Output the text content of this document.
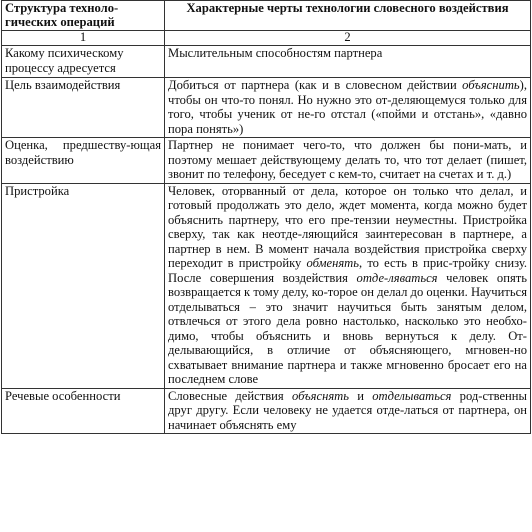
Структура техноло-гических операций	Характерные черты технологии словесного воздействия
1	2
Какому психическому процессу адресуется	Мыслительным способностям партнера
Цель взаимодействия	Добиться от партнера (как и в словесном действии объяснить), чтобы он что-то понял. Но нужно это от-деляющемуся только для того, чтобы ученик от не-го отстал («пойми и отстань», «давно пора понять»)
Оценка, предшеству-ющая воздействию	Партнер не понимает чего-то, что должен бы пони-мать, и поэтому мешает действующему делать то, что тот делает (пишет, звонит по телефону, беседует с кем-то, считает на счетах и т. д.)
Пристройка	Человек, оторванный от дела, которое он только что делал, и готовый продолжать это дело, ждет момента, когда можно будет объяснить партнеру, что его пре-тензии неуместны. Пристройка сверху, так как неотде-ляющийся заинтересован в партнере, а партнер в нем. В момент начала воздействия пристройка сверху переходит в пристройку обменять, то есть в прис-тройку снизу. После совершения воздействия отде-ляваться человек опять возвращается к тому делу, ко-торое он делал до оценки. Научиться отделываться – это значит научиться быть занятым делом, отвлечься от этого дела ровно настолько, насколько это необхо-димо, чтобы объяснить и вновь вернуться к делу. От-делывающийся, в отличие от объясняющего, мгновен-но схватывает внимание партнера и также мгновенно бросает его на последнем слове
Речевые особенности	Словесные действия объяснять и отделываться род-ственны друг другу. Если человеку не удается отде-латься от партнера, он начинает объяснять ему
